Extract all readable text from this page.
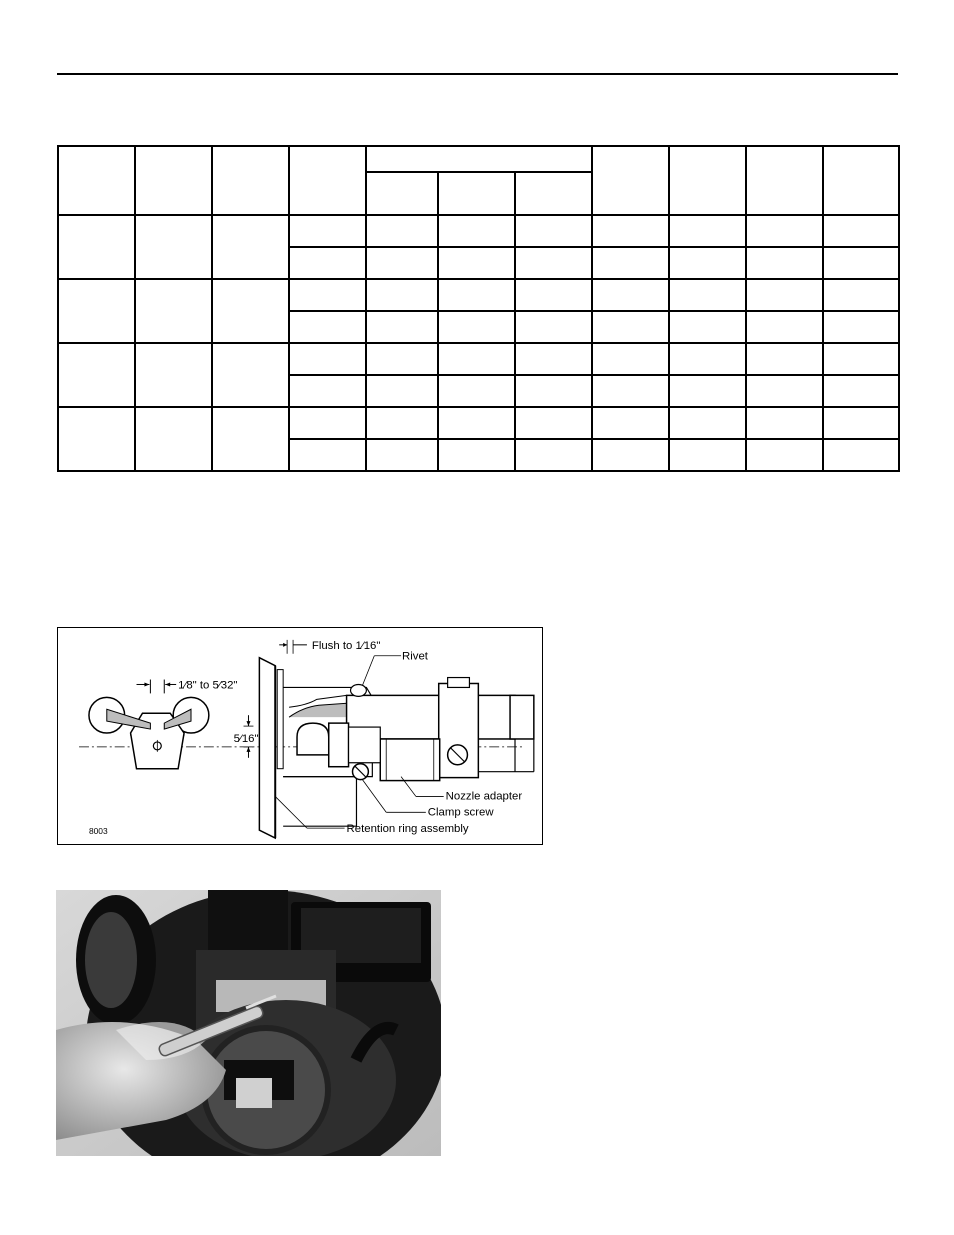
1⁄8" to 5⁄32"
5⁄16"
Flush to 1⁄16"
Rivet
Nozzle adapter
Clamp screw
Retention ring assembly
8003
